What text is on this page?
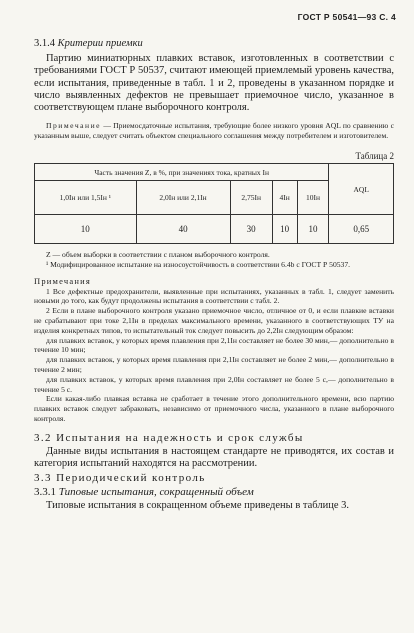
ГОСТ Р 50541—93 С. 4
3.1.4 Критерии приемки

Партию миниатюрных плавких вставок, изготовленных в соответствии с требованиями ГОСТ Р 50537, считают имеющей приемлемый уровень качества, если испытания, приведенные в табл. 1 и 2, проведены в указанном порядке и число выявленных дефектов не превышает приемочное число, указанное в соответствующем плане выборочного контроля.

Примечание — Приемосдаточные испытания, требующие более низкого уровня AQL по сравнению с указанным выше, следует считать объектом специального соглашения между потребителем и изготовителем.

Таблица 2
Часть значения Z, в %, при значениях тока, кратных Iн					AQL
1,0Iн или 1,5Iн ¹	2,0Iн или 2,1Iн	2,75Iн	4Iн	10Iн	
10	40	30	10	10	0,65

Z — объем выборки в соответствии с планом выборочного контроля.

¹ Модифицированное испытание на износоустойчивость в соответствии 6.4b с ГОСТ Р 50537.

Примечания

1 Все дефектные предохранители, выявленные при испытаниях, указанных в табл. 1, следует заменить новыми до того, как будут продолжены испытания в соответствии с табл. 2.

2 Если в плане выборочного контроля указано приемочное число, отличное от 0, и если плавкие вставки не срабатывают при токе 2,1Iн в пределах максимального времени, указанного в соответствующих ТУ на изделия конкретных типов, то испытательный ток следует повысить до 2,2Iн следующим образом:

для плавких вставок, у которых время плавления при 2,1Iн составляет не более 30 мин,— дополнительно в течение 10 мин;

для плавких вставок, у которых время плавления при 2,1Iн составляет не более 2 мин,— дополнительно в течение 2 мин;

для плавких вставок, у которых время плавления при 2,0Iн составляет не более 5 с,— дополнительно в течение 5 с.

Если какая-либо плавкая вставка не сработает в течение этого дополнительного времени, всю партию плавких вставок следует забраковать, независимо от приемочного числа, указанного в плане выборочного контроля.

3.2 Испытания на надежность и срок службы

Данные виды испытания в настоящем стандарте не приводятся, их состав и категория испытаний находятся на рассмотрении.

3.3 Периодический контроль
3.3.1 Типовые испытания, сокращенный объем

Типовые испытания в сокращенном объеме приведены в таблице 3.
